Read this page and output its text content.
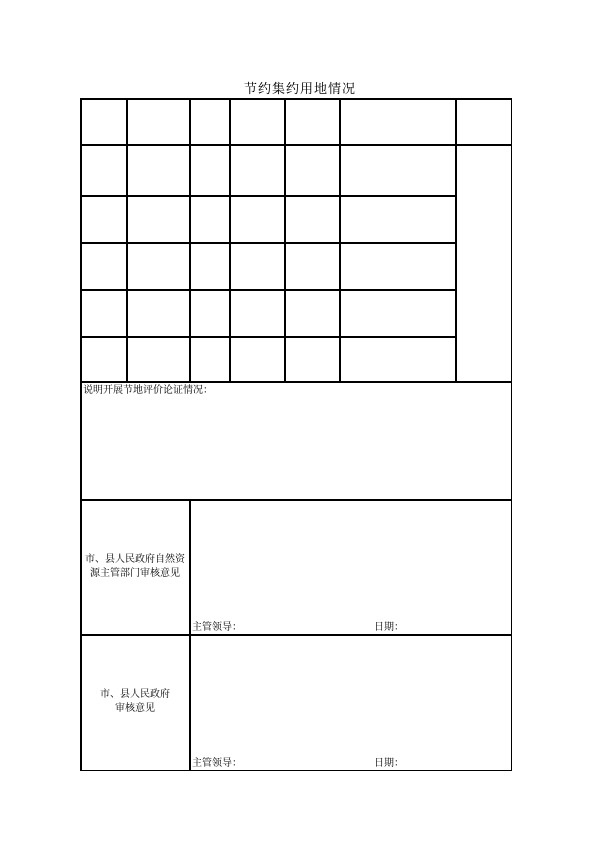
节约集约用地情况
说明开展节地评价论证情况：
市、县人民政府自然资
源主管部门审核意见
主管领导：	日期：
市、县人民政府
审核意见
主管领导：	日期：
